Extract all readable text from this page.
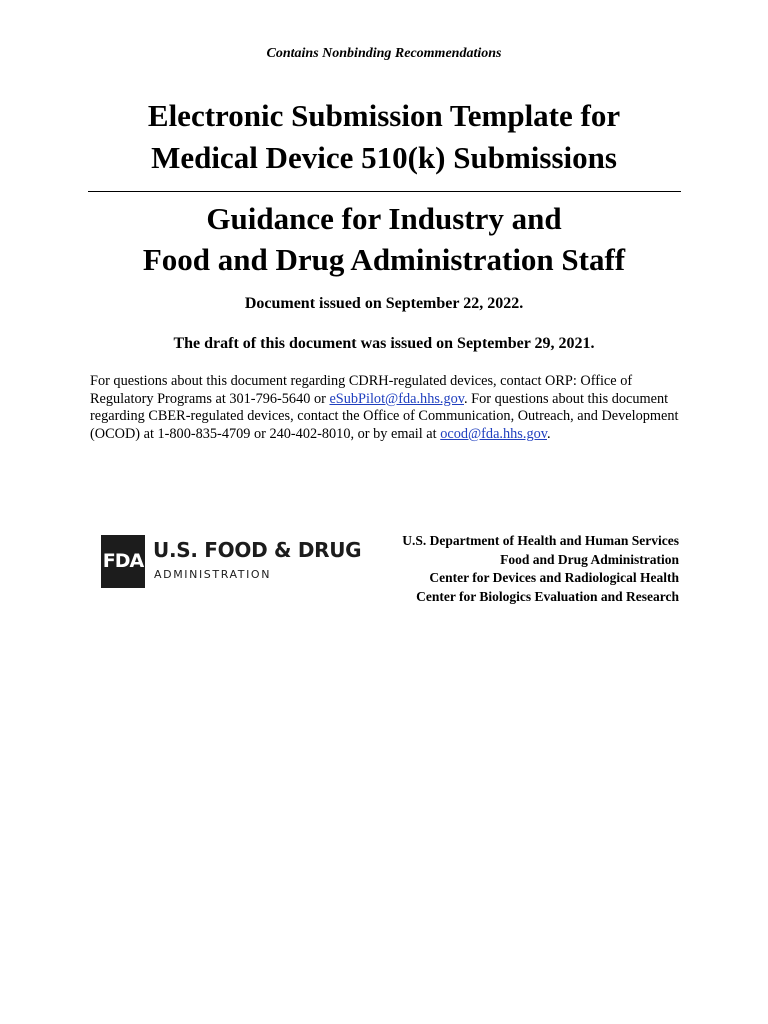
Contains Nonbinding Recommendations
Electronic Submission Template for
Medical Device 510(k) Submissions
Guidance for Industry and
Food and Drug Administration Staff
Document issued on September 22, 2022.
The draft of this document was issued on September 29, 2021.
For questions about this document regarding CDRH-regulated devices, contact ORP: Office of Regulatory Programs at 301-796-5640 or eSubPilot@fda.hhs.gov. For questions about this document regarding CBER-regulated devices, contact the Office of Communication, Outreach, and Development (OCOD) at 1-800-835-4709 or 240-402-8010, or by email at ocod@fda.hhs.gov.
FDA U.S. FOOD & DRUG
ADMINISTRATION
U.S. Department of Health and Human Services
Food and Drug Administration
Center for Devices and Radiological Health
Center for Biologics Evaluation and Research
